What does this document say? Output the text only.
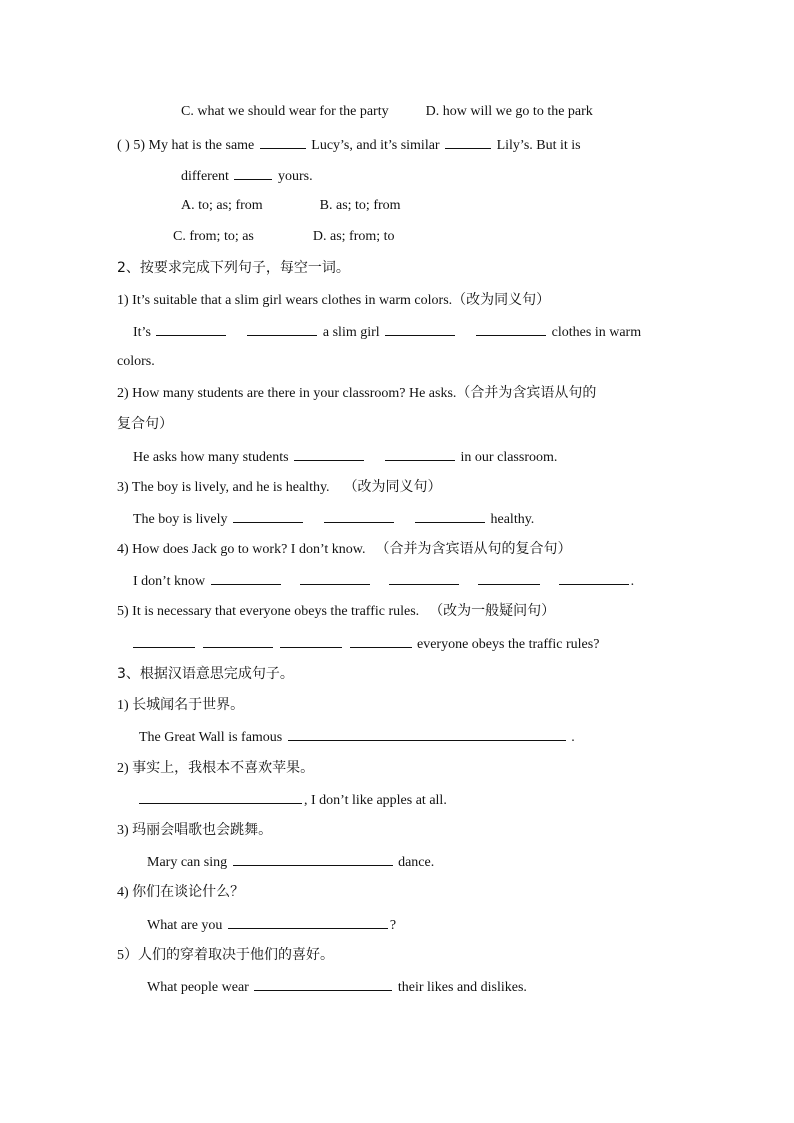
C. what we should wear for the party	D. how will we go to the park
( ) 5) My hat is the same	Lucy’s, and it’s similar	Lily’s. But it is
different	yours.
A. to; as; from	B. as; to; from
C. from; to; as	D. as; from; to
2、按要求完成下列句子，每空一词。
1) It’s suitable that a slim girl wears clothes in warm colors.（改为同义句）
It’s	a slim girl	clothes in warm
colors.
2) How many students are there in your classroom? He asks.（合并为含宾语从句的
复合句）
He asks how many students	in our classroom.
3) The boy is lively, and he is healthy. （改为同义句）
The boy is lively	healthy.
4) How does Jack go to work? I don’t know. （合并为含宾语从句的复合句）
I don’t know	.
5) It is necessary that everyone obeys the traffic rules. （改为一般疑问句）
everyone obeys the traffic rules?
3、根据汉语意思完成句子。
1) 长城闻名于世界。
The Great Wall is famous	.
2) 事实上，我根本不喜欢苹果。
, I don’t like apples at all.
3) 玛丽会唱歌也会跳舞。
Mary can sing	dance.
4) 你们在谈论什么？
What are you	?
5）人们的穿着取决于他们的喜好。
What people wear	their likes and dislikes.
